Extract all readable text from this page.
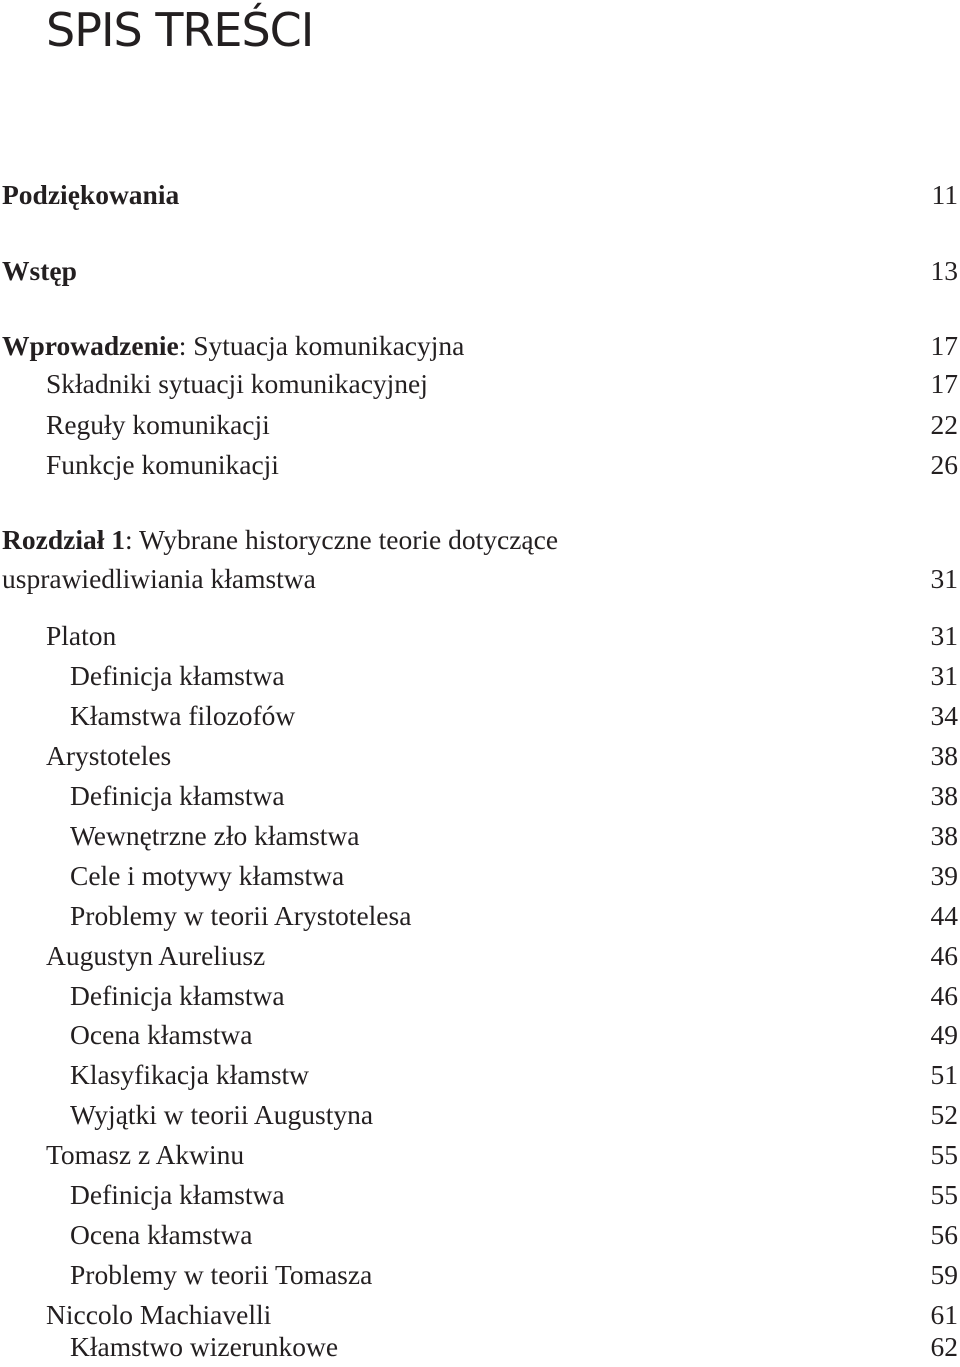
SPIS TREŚCI
Podziękowania	11
Wstęp	13
Wprowadzenie: Sytuacja komunikacyjna	17
Składniki sytuacji komunikacyjnej	17
Reguły komunikacji	22
Funkcje komunikacji	26
Rozdział 1: Wybrane historyczne teorie dotyczące
usprawiedliwiania kłamstwa	31
Platon	31
Definicja kłamstwa	31
Kłamstwa filozofów	34
Arystoteles	38
Definicja kłamstwa	38
Wewnętrzne zło kłamstwa	38
Cele i motywy kłamstwa	39
Problemy w teorii Arystotelesa	44
Augustyn Aureliusz	46
Definicja kłamstwa	46
Ocena kłamstwa	49
Klasyfikacja kłamstw	51
Wyjątki w teorii Augustyna	52
Tomasz z Akwinu	55
Definicja kłamstwa	55
Ocena kłamstwa	56
Problemy w teorii Tomasza	59
Niccolo Machiavelli	61
Kłamstwo wizerunkowe	62
